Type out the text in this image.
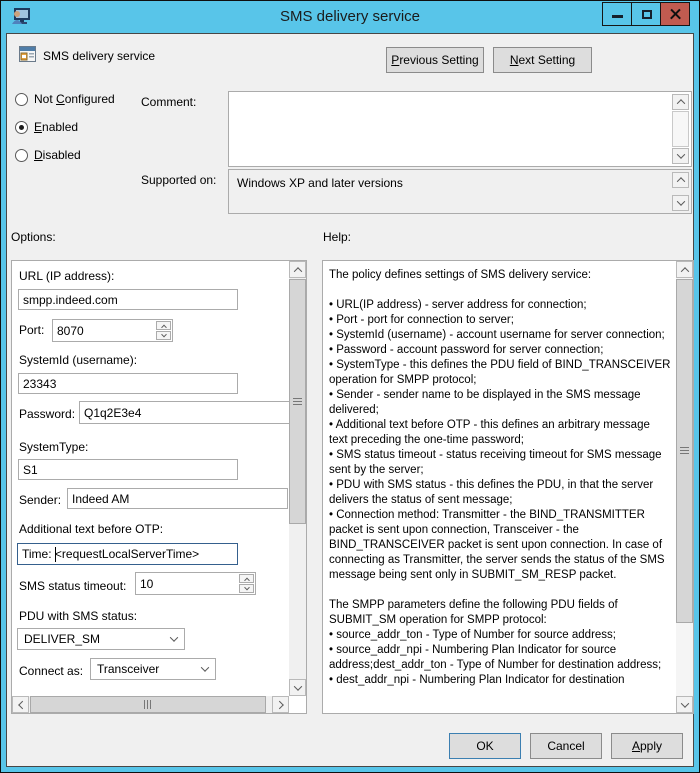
SMS delivery service
SMS delivery service	P revious Setting	N ext Setting
Not Configured
Enabled
Disabled
Comment:
Supported on: Windows XP and later versions
Options:	Help:
URL (IP address):
smpp.indeed.com
Port:
8070
SystemId (username):
23343
Password:
Q1q2E3e4
SystemType:
S1
Sender:
Indeed AM
Additional text before OTP:
Time: <requestLocalServerTime>
SMS status timeout:
10
PDU with SMS status:
DELIVER_SM
Connect as:	Transceiver
The policy defines settings of SMS delivery service:

• URL(IP address) - server address for connection;
• Port - port for connection to server;
• SystemId (username) - account username for server connection;
• Password - account password for server connection;
• SystemType - this defines the PDU field of BIND_TRANSCEIVER operation for SMPP protocol;
• Sender - sender name to be displayed in the SMS message delivered;
• Additional text before OTP - this defines an arbitrary message text preceding the one-time password;
• SMS status timeout - status receiving timeout for SMS message sent by the server;
• PDU with SMS status - this defines the PDU, in that the server delivers the status of sent message;
• Connection method: Transmitter - the BIND_TRANSMITTER packet is sent upon connection, Transceiver - the BIND_TRANSCEIVER packet is sent upon connection. In case of connecting as Transmitter, the server sends the status of the SMS message being sent only in SUBMIT_SM_RESP packet.

The SMPP parameters define the following PDU fields of SUBMIT_SM operation for SMPP protocol:
• source_addr_ton - Type of Number for source address;
• source_addr_npi - Numbering Plan Indicator for source address;dest_addr_ton - Type of Number for destination address;
• dest_addr_npi - Numbering Plan Indicator for destination
OK	Cancel	A pply
